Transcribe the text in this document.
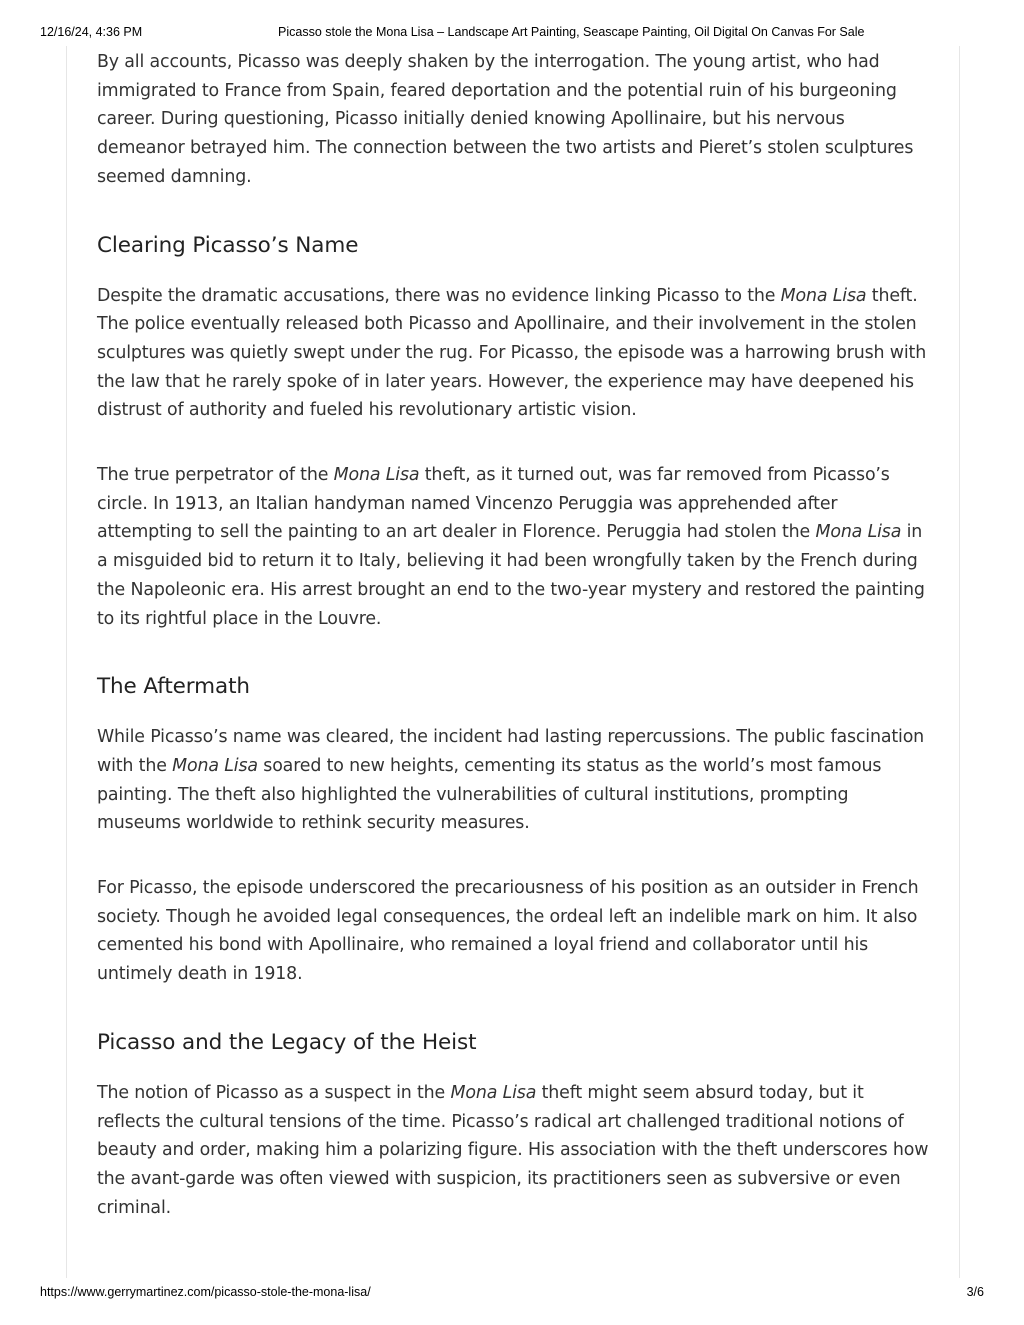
12/16/24, 4:36 PM	Picasso stole the Mona Lisa – Landscape Art Painting, Seascape Painting, Oil Digital On Canvas For Sale

By all accounts, Picasso was deeply shaken by the interrogation. The young artist, who had immigrated to France from Spain, feared deportation and the potential ruin of his burgeoning career. During questioning, Picasso initially denied knowing Apollinaire, but his nervous demeanor betrayed him. The connection between the two artists and Pieret’s stolen sculptures seemed damning.

Clearing Picasso’s Name

Despite the dramatic accusations, there was no evidence linking Picasso to the Mona Lisa theft. The police eventually released both Picasso and Apollinaire, and their involvement in the stolen sculptures was quietly swept under the rug. For Picasso, the episode was a harrowing brush with the law that he rarely spoke of in later years. However, the experience may have deepened his distrust of authority and fueled his revolutionary artistic vision.

The true perpetrator of the Mona Lisa theft, as it turned out, was far removed from Picasso’s circle. In 1913, an Italian handyman named Vincenzo Peruggia was apprehended after attempting to sell the painting to an art dealer in Florence. Peruggia had stolen the Mona Lisa in a misguided bid to return it to Italy, believing it had been wrongfully taken by the French during the Napoleonic era. His arrest brought an end to the two-year mystery and restored the painting to its rightful place in the Louvre.

The Aftermath

While Picasso’s name was cleared, the incident had lasting repercussions. The public fascination with the Mona Lisa soared to new heights, cementing its status as the world’s most famous painting. The theft also highlighted the vulnerabilities of cultural institutions, prompting museums worldwide to rethink security measures.

For Picasso, the episode underscored the precariousness of his position as an outsider in French society. Though he avoided legal consequences, the ordeal left an indelible mark on him. It also cemented his bond with Apollinaire, who remained a loyal friend and collaborator until his untimely death in 1918.

Picasso and the Legacy of the Heist

The notion of Picasso as a suspect in the Mona Lisa theft might seem absurd today, but it reflects the cultural tensions of the time. Picasso’s radical art challenged traditional notions of beauty and order, making him a polarizing figure. His association with the theft underscores how the avant-garde was often viewed with suspicion, its practitioners seen as subversive or even criminal.

https://www.gerrymartinez.com/picasso-stole-the-mona-lisa/	3/6
